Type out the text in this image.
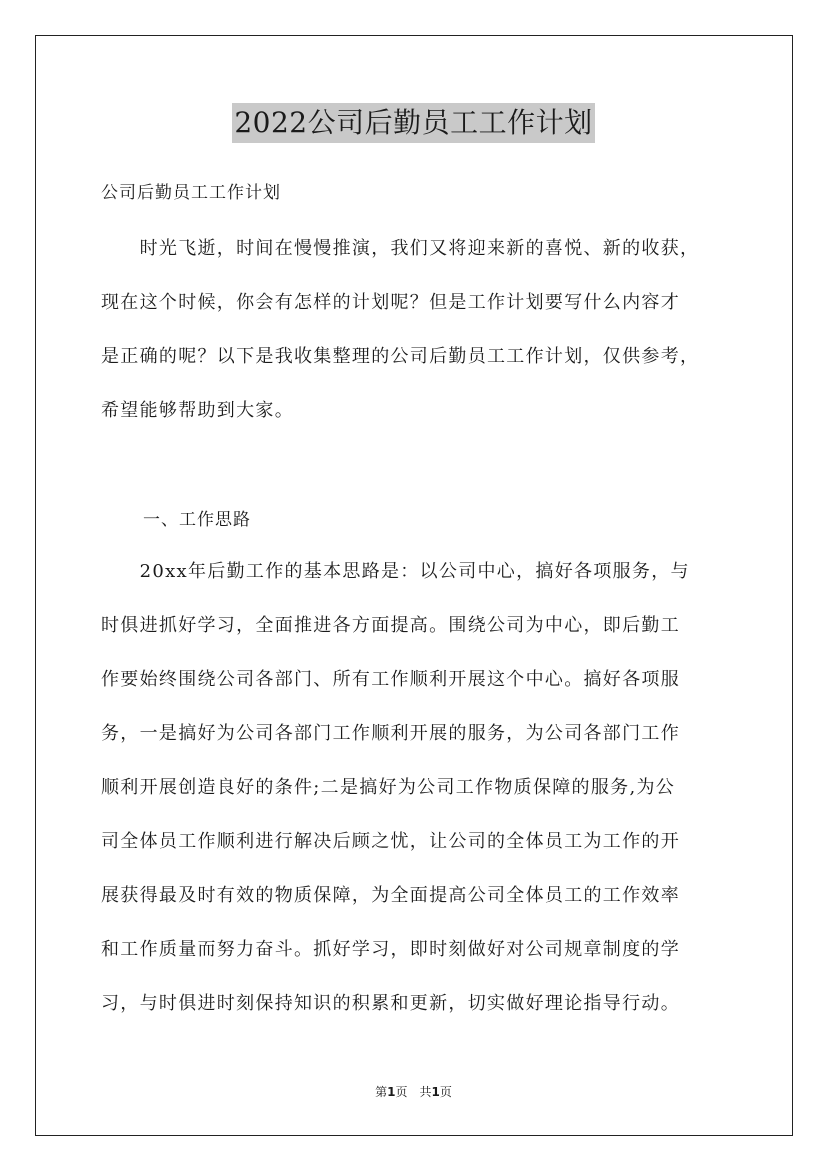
2022公司后勤员工工作计划
公司后勤员工工作计划
　　时光飞逝，时间在慢慢推演，我们又将迎来新的喜悦、新的收获，
现在这个时候，你会有怎样的计划呢？但是工作计划要写什么内容才
是正确的呢？以下是我收集整理的公司后勤员工工作计划，仅供参考，
希望能够帮助到大家。
一、工作思路
　　20xx年后勤工作的基本思路是：以公司中心，搞好各项服务，与
时俱进抓好学习，全面推进各方面提高。围绕公司为中心，即后勤工
作要始终围绕公司各部门、所有工作顺利开展这个中心。搞好各项服
务，一是搞好为公司各部门工作顺利开展的服务，为公司各部门工作
顺利开展创造良好的条件;二是搞好为公司工作物质保障的服务,为公
司全体员工作顺利进行解决后顾之忧，让公司的全体员工为工作的开
展获得最及时有效的物质保障，为全面提高公司全体员工的工作效率
和工作质量而努力奋斗。抓好学习，即时刻做好对公司规章制度的学
习，与时俱进时刻保持知识的积累和更新，切实做好理论指导行动。
第1页　共1页
